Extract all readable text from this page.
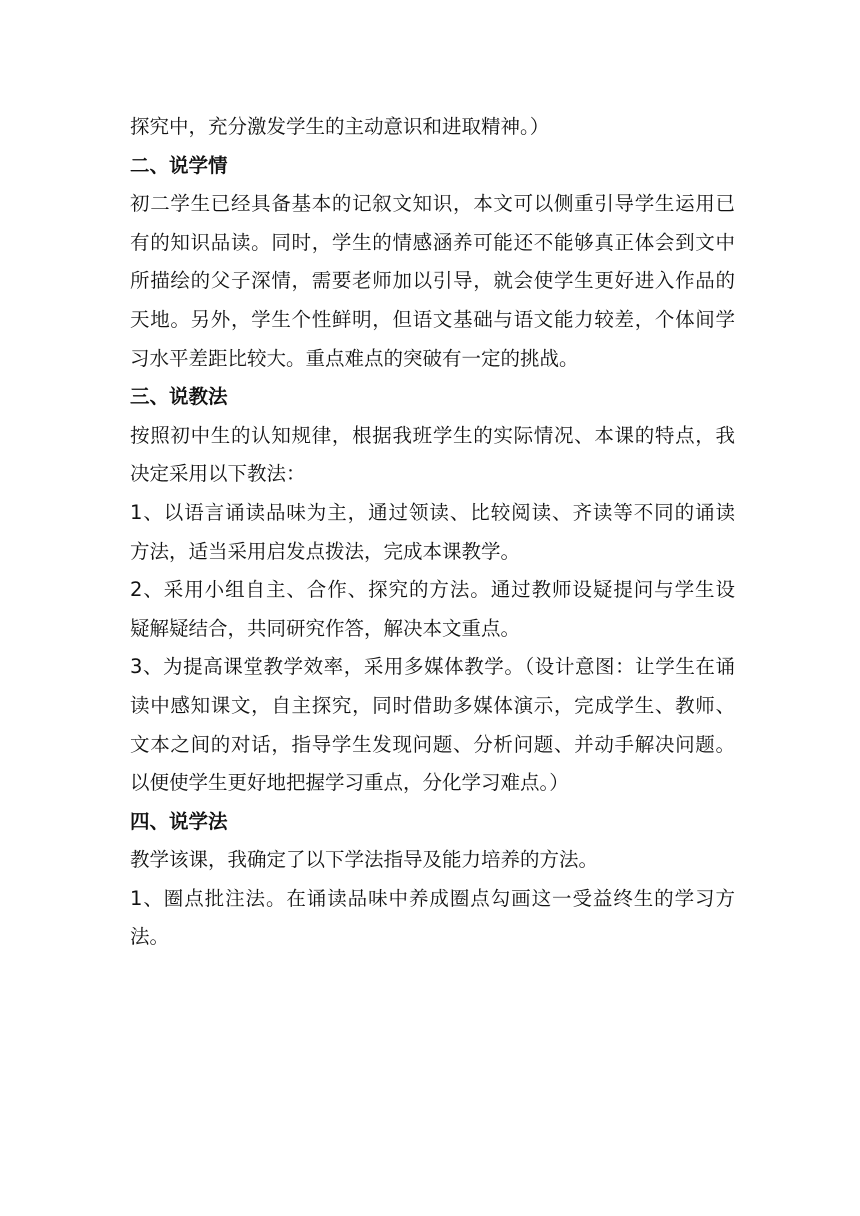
探究中，充分激发学生的主动意识和进取精神。）
二、说学情
初二学生已经具备基本的记叙文知识，本文可以侧重引导学生运用已
有的知识品读。同时，学生的情感涵养可能还不能够真正体会到文中
所描绘的父子深情，需要老师加以引导，就会使学生更好进入作品的
天地。另外，学生个性鲜明，但语文基础与语文能力较差，个体间学
习水平差距比较大。重点难点的突破有一定的挑战。
三、说教法
按照初中生的认知规律，根据我班学生的实际情况、本课的特点，我
决定采用以下教法：
1、以语言诵读品味为主，通过领读、比较阅读、齐读等不同的诵读
方法，适当采用启发点拨法，完成本课教学。
2、采用小组自主、合作、探究的方法。通过教师设疑提问与学生设
疑解疑结合，共同研究作答，解决本文重点。
3、为提高课堂教学效率，采用多媒体教学。（设计意图：让学生在诵
读中感知课文，自主探究，同时借助多媒体演示，完成学生、教师、
文本之间的对话，指导学生发现问题、分析问题、并动手解决问题。
以便使学生更好地把握学习重点，分化学习难点。）
四、说学法
教学该课，我确定了以下学法指导及能力培养的方法。
1、圈点批注法。在诵读品味中养成圈点勾画这一受益终生的学习方
法。
